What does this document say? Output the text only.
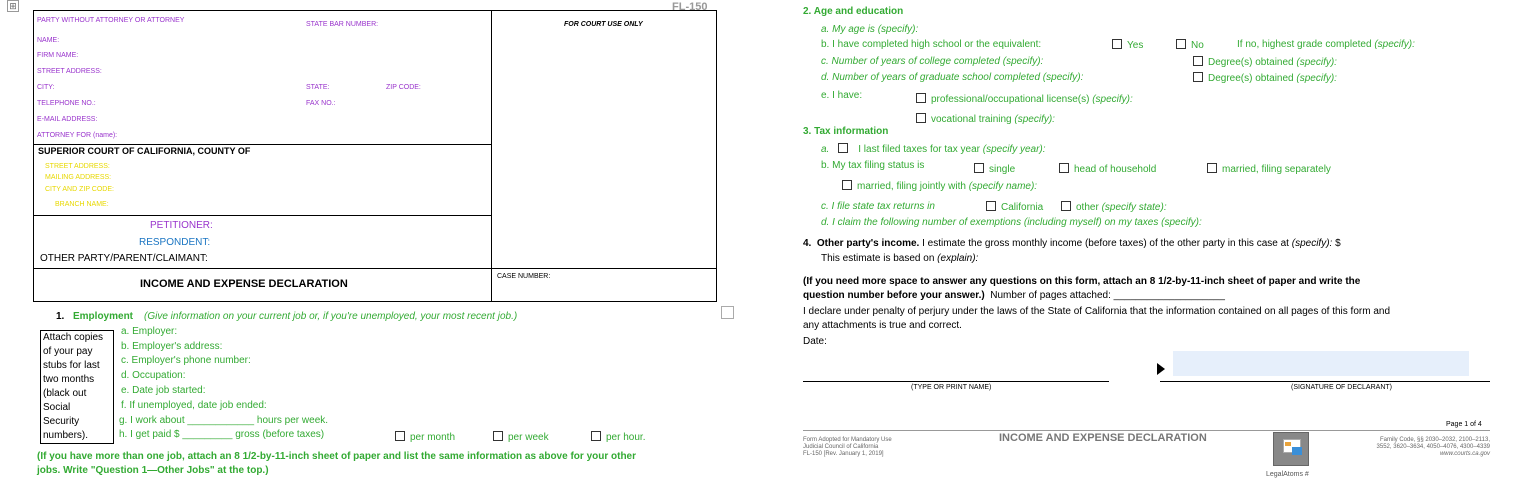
⊞	FL-150
PARTY WITHOUT ATTORNEY OR ATTORNEY
STATE BAR NUMBER:	FOR COURT USE ONLY
NAME:
FIRM NAME:
STREET ADDRESS:
CITY:	STATE:	ZIP CODE:
TELEPHONE NO.:	FAX NO.:
E-MAIL ADDRESS:
ATTORNEY FOR (name):
SUPERIOR COURT OF CALIFORNIA, COUNTY OF
STREET ADDRESS:
MAILING ADDRESS:
CITY AND ZIP CODE:
BRANCH NAME:
PETITIONER:
RESPONDENT:
OTHER PARTY/PARENT/CLAIMANT:
INCOME AND EXPENSE DECLARATION
CASE NUMBER:
1. Employment (Give information on your current job or, if you're unemployed, your most recent job.)
Attach copies
of your pay
stubs for last
two months
(black out
Social
Security
numbers).
a. Employer:
b. Employer's address:
c. Employer's phone number:
d. Occupation:
e. Date job started:
f. If unemployed, date job ended:
g. I work about ____________ hours per week.
h. I get paid $ _________ gross (before taxes)	per month	per week	per hour.
(If you have more than one job, attach an 8 1/2-by-11-inch sheet of paper and list the same information as above for your other
jobs. Write "Question 1—Other Jobs" at the top.)
2. Age and education
a. My age is (specify):
b. I have completed high school or the equivalent:	Yes	No	If no, highest grade completed (specify):
c. Number of years of college completed (specify):	Degree(s) obtained (specify):
d. Number of years of graduate school completed (specify):	Degree(s) obtained (specify):
e. I have:	professional/occupational license(s) (specify):
vocational training (specify):
3. Tax information
a.	I last filed taxes for tax year (specify year):
b. My tax filing status is	single	head of household	married, filing separately
married, filing jointly with (specify name):
c. I file state tax returns in	California	other (specify state):
d. I claim the following number of exemptions (including myself) on my taxes (specify):
4. Other party's income. I estimate the gross monthly income (before taxes) of the other party in this case at (specify): $
This estimate is based on (explain):
(If you need more space to answer any questions on this form, attach an 8 1/2-by-11-inch sheet of paper and write the
question number before your answer.) Number of pages attached: ____________________
I declare under penalty of perjury under the laws of the State of California that the information contained on all pages of this form and
any attachments is true and correct.
Date:
(TYPE OR PRINT NAME)	(SIGNATURE OF DECLARANT)
Page 1 of 4
Form Adopted for Mandatory Use
Judicial Council of California
FL-150 [Rev. January 1, 2019]
INCOME AND EXPENSE DECLARATION
LegalAtoms #
Family Code, §§ 2030–2032, 2100–2113,
3552, 3620–3634, 4050–4076, 4300–4339
www.courts.ca.gov
